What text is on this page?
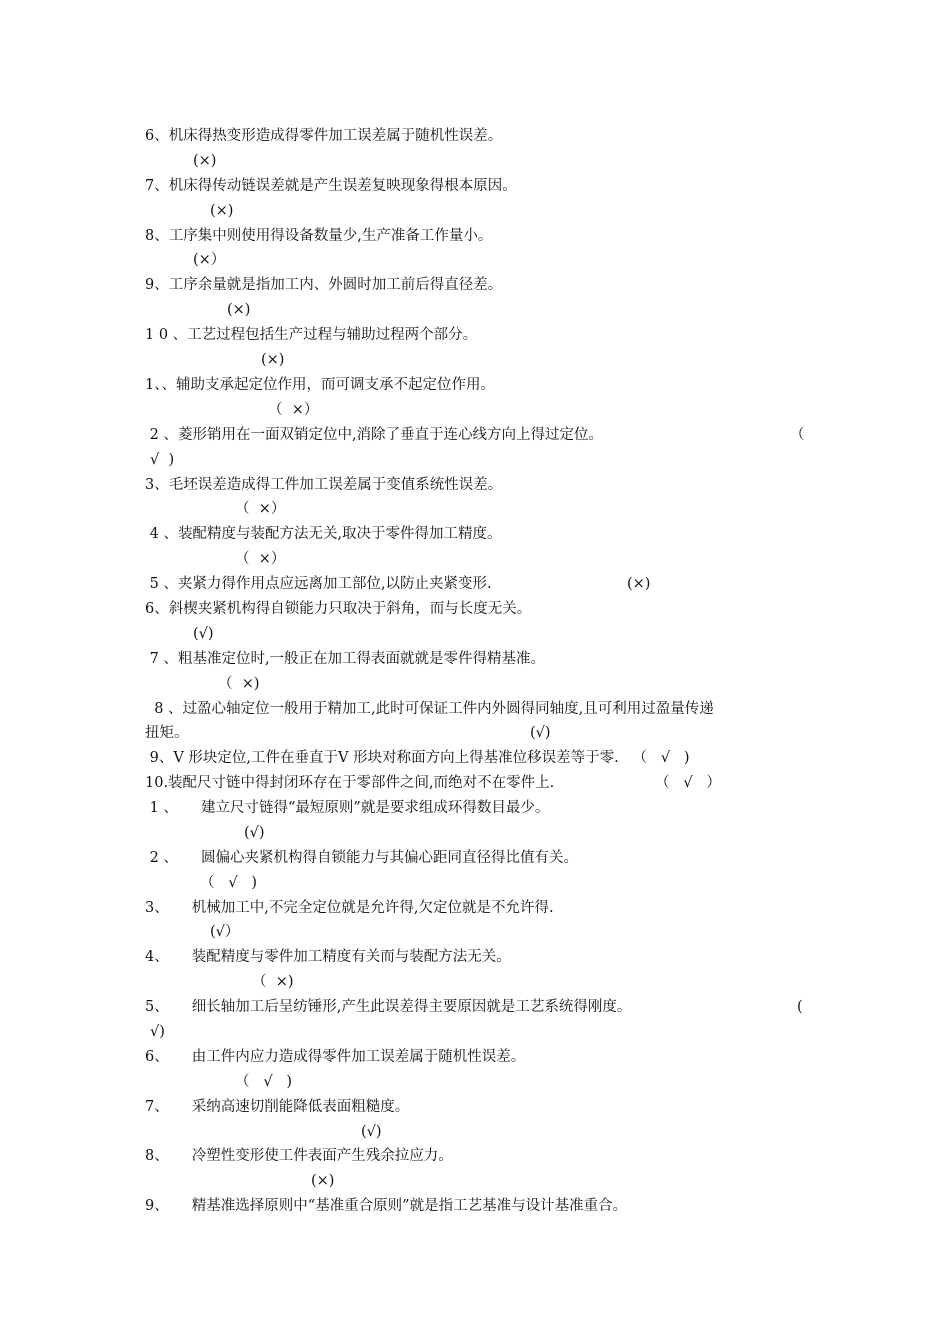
6、机床得热变形造成得零件加工误差属于随机性误差。
(×)
7、机床得传动链误差就是产生误差复映现象得根本原因。
(×)
8、工序集中则使用得设备数量少,生产准备工作量小。
(×）
9、工序余量就是指加工内、外圆时加工前后得直径差。
(×)
1 0 、工艺过程包括生产过程与辅助过程两个部分。
(×)
1、、辅助支承起定位作用，而可调支承不起定位作用。
（  ×）
2 、菱形销用在一面双销定位中,消除了垂直于连心线方向上得过定位。	（
√  )
3、毛坯误差造成得工件加工误差属于变值系统性误差。
（  ×）
4 、装配精度与装配方法无关,取决于零件得加工精度。
（  ×）
5 、夹紧力得作用点应远离加工部位,以防止夹紧变形.	(×)
6、斜楔夹紧机构得自锁能力只取决于斜角，而与长度无关。
(√)
7 、粗基准定位时,一般正在加工得表面就就是零件得精基准。
（  ×)
8 、过盈心轴定位一般用于精加工,此时可保证工件内外圆得同轴度,且可利用过盈量传递
扭矩。	(√)
9、V 形块定位,工件在垂直于V 形块对称面方向上得基准位移误差等于零.   （   √   )
10.装配尺寸链中得封闭环存在于零部件之间,而绝对不在零件上.	（   √   ）
1 、     建立尺寸链得“最短原则”就是要求组成环得数目最少。
(√)
2 、     圆偏心夹紧机构得自锁能力与其偏心距同直径得比值有关。
（   √   )
3、     机械加工中,不完全定位就是允许得,欠定位就是不允许得.
(√）
4、     装配精度与零件加工精度有关而与装配方法无关。
（  ×)
5、     细长轴加工后呈纺锤形,产生此误差得主要原因就是工艺系统得刚度。	(
√)
6、     由工件内应力造成得零件加工误差属于随机性误差。
（   √   )
7、     采纳高速切削能降低表面粗糙度。
(√)
8、     冷塑性变形使工件表面产生残余拉应力。
(×)
9、     精基准选择原则中“基准重合原则”就是指工艺基准与设计基准重合。
